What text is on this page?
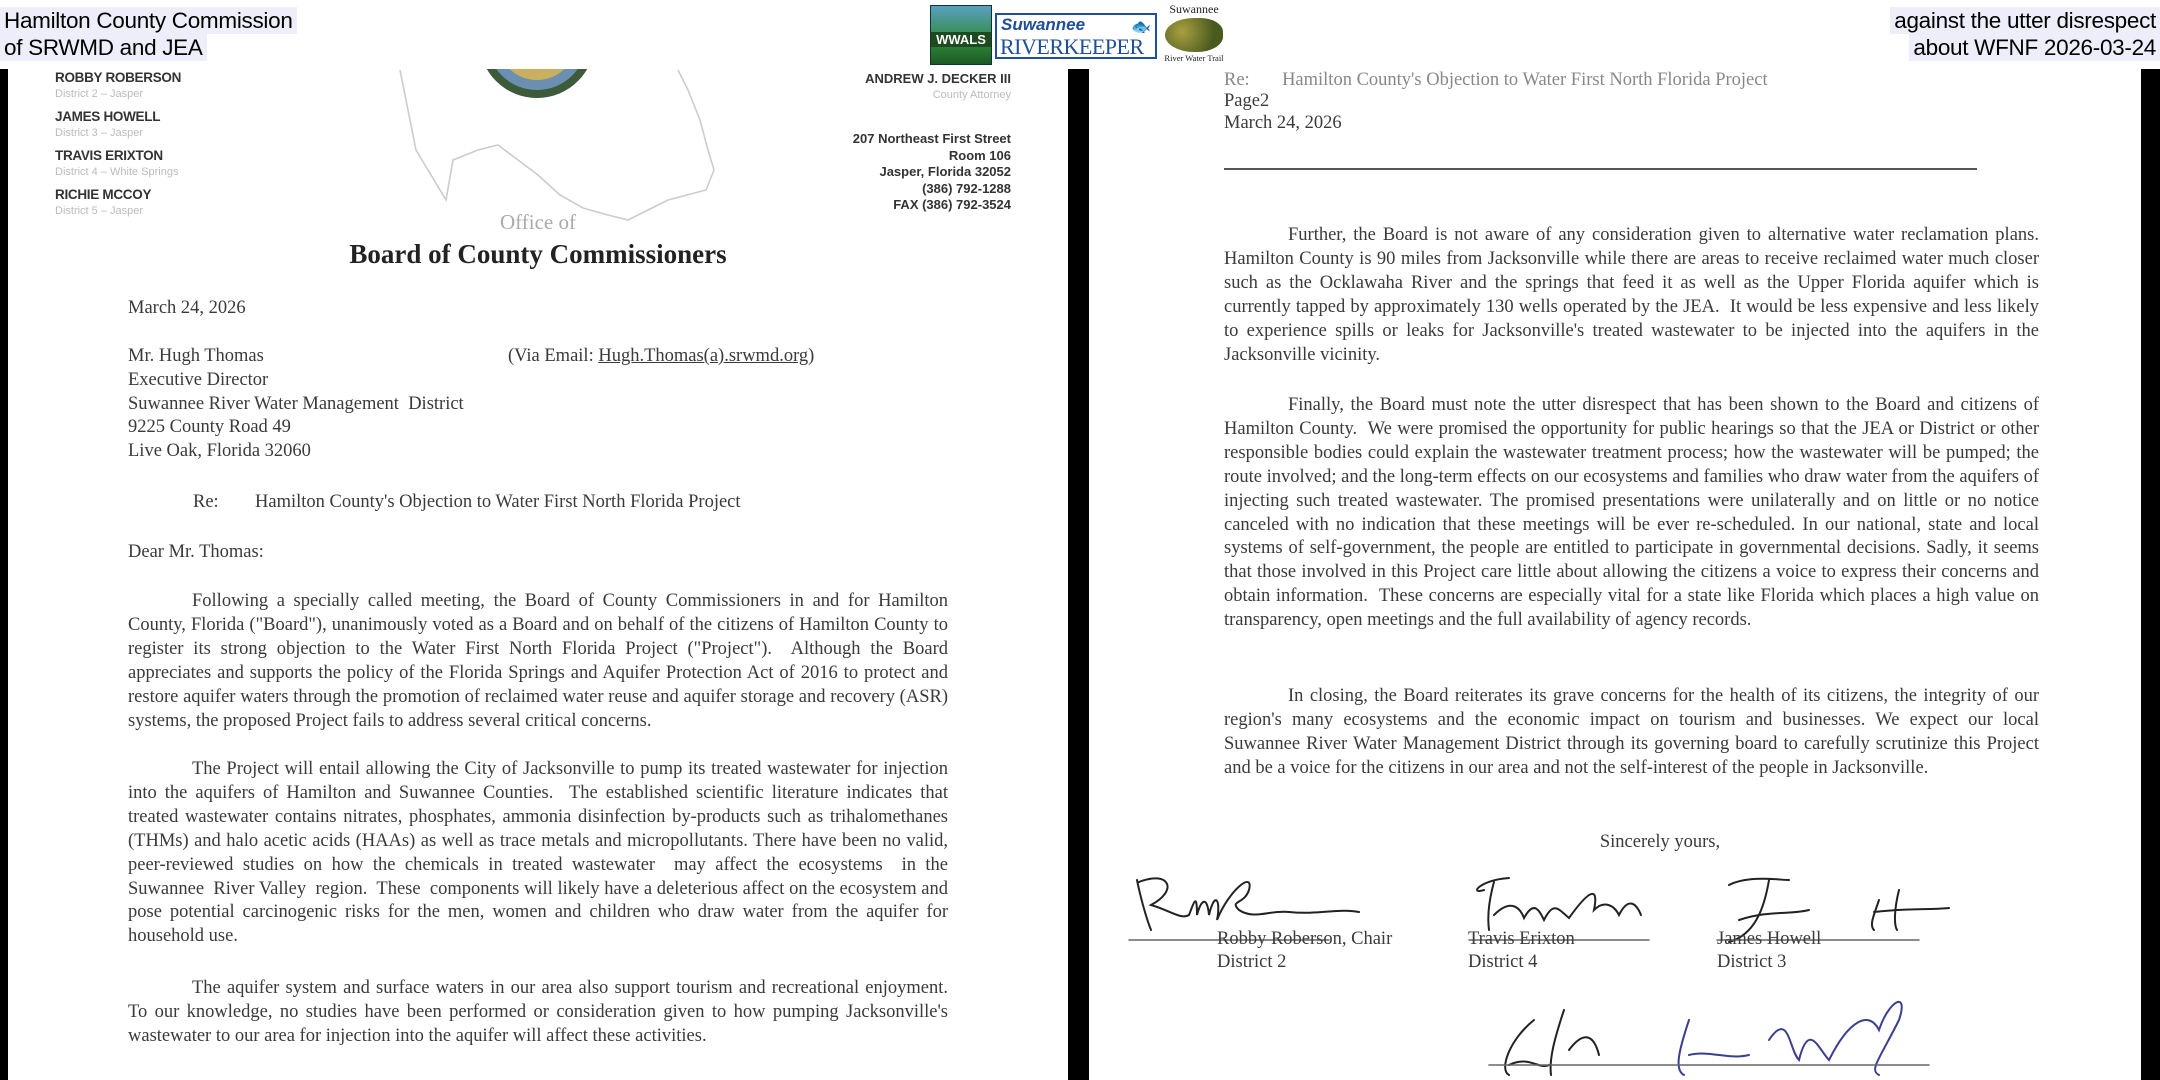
ROBBY ROBERSON
District 2 – Jasper
JAMES HOWELL
District 3 – Jasper
TRAVIS ERIXTON
District 4 – White Springs
RICHIE MCCOY
District 5 – Jasper
ANDREW J. DECKER III
County Attorney
207 Northeast First Street
Room 106
Jasper, Florida 32052
(386) 792-1288
FAX (386) 792-3524
Office of
Board of County Commissioners
March 24, 2026
Mr. Hugh Thomas
Executive Director
Suwannee River Water Management  District
9225 County Road 49
Live Oak, Florida 32060
(Via Email: Hugh.Thomas(a).srwmd.org)
Re: Hamilton County's Objection to Water First North Florida Project
Dear Mr. Thomas:
Following a specially called meeting, the Board of County Commissioners in and for Hamilton County, Florida ("Board"), unanimously voted as a Board and on behalf of the citizens of Hamilton County to register its strong objection to the Water First North Florida Project ("Project").  Although the Board appreciates and supports the policy of the Florida Springs and Aquifer Protection Act of 2016 to protect and restore aquifer waters through the promotion of reclaimed water reuse and aquifer storage and recovery (ASR) systems, the proposed Project fails to address several critical concerns.
The Project will entail allowing the City of Jacksonville to pump its treated wastewater for injection into the aquifers of Hamilton and Suwannee Counties.  The established scientific literature indicates that treated wastewater contains nitrates, phosphates, ammonia disinfection by-products such as trihalomethanes (THMs) and halo acetic acids (HAAs) as well as trace metals and micropollutants. There have been no valid, peer-reviewed studies on how the chemicals in treated wastewater  may affect the ecosystems  in the Suwannee  River Valley  region.  These  components will likely have a deleterious affect on the ecosystem and pose potential carcinogenic risks for the men, women and children who draw water from the aquifer for household use.
The aquifer system and surface waters in our area also support tourism and recreational enjoyment.  To our knowledge, no studies have been performed or consideration given to how pumping Jacksonville's wastewater to our area for injection into the aquifer will affect these activities.
Re:       Hamilton County's Objection to Water First North Florida Project
Page2
March 24, 2026
Further, the Board is not aware of any consideration given to alternative water reclamation plans.  Hamilton County is 90 miles from Jacksonville while there are areas to receive reclaimed water much closer such as the Ocklawaha River and the springs that feed it as well as the Upper Florida aquifer which is currently tapped by approximately 130 wells operated by the JEA.  It would be less expensive and less likely to experience spills or leaks for Jacksonville's treated wastewater to be injected into the aquifers in the Jacksonville vicinity.
Finally, the Board must note the utter disrespect that has been shown to the Board and citizens of Hamilton County.  We were promised the opportunity for public hearings so that the JEA or District or other responsible bodies could explain the wastewater treatment process; how the wastewater will be pumped; the route involved; and the long-term effects on our ecosystems and families who draw water from the aquifers of injecting such treated wastewater. The promised presentations were unilaterally and on little or no notice canceled with no indication that these meetings will be ever re-scheduled. In our national, state and local systems of self-government, the people are entitled to participate in governmental decisions. Sadly, it seems that those involved in this Project care little about allowing the citizens a voice to express their concerns and obtain information.  These concerns are especially vital for a state like Florida which places a high value on transparency, open meetings and the full availability of agency records.
In closing, the Board reiterates its grave concerns for the health of its citizens, the integrity of our region's many ecosystems and the economic impact on tourism and businesses. We expect our local Suwannee River Water Management District through its governing board to carefully scrutinize this Project and be a voice for the citizens in our area and not the self-interest of the people in Jacksonville.
Sincerely yours,
Robby Roberson, Chair
District 2
Travis Erixton
District 4
James Howell
District 3
Hamilton County Commission
of SRWMD and JEA
against the utter disrespect
about WFNF 2026-03-24
WWALS
Suwannee	🐟
RIVERKEEPER
Suwannee
River Water Trail
